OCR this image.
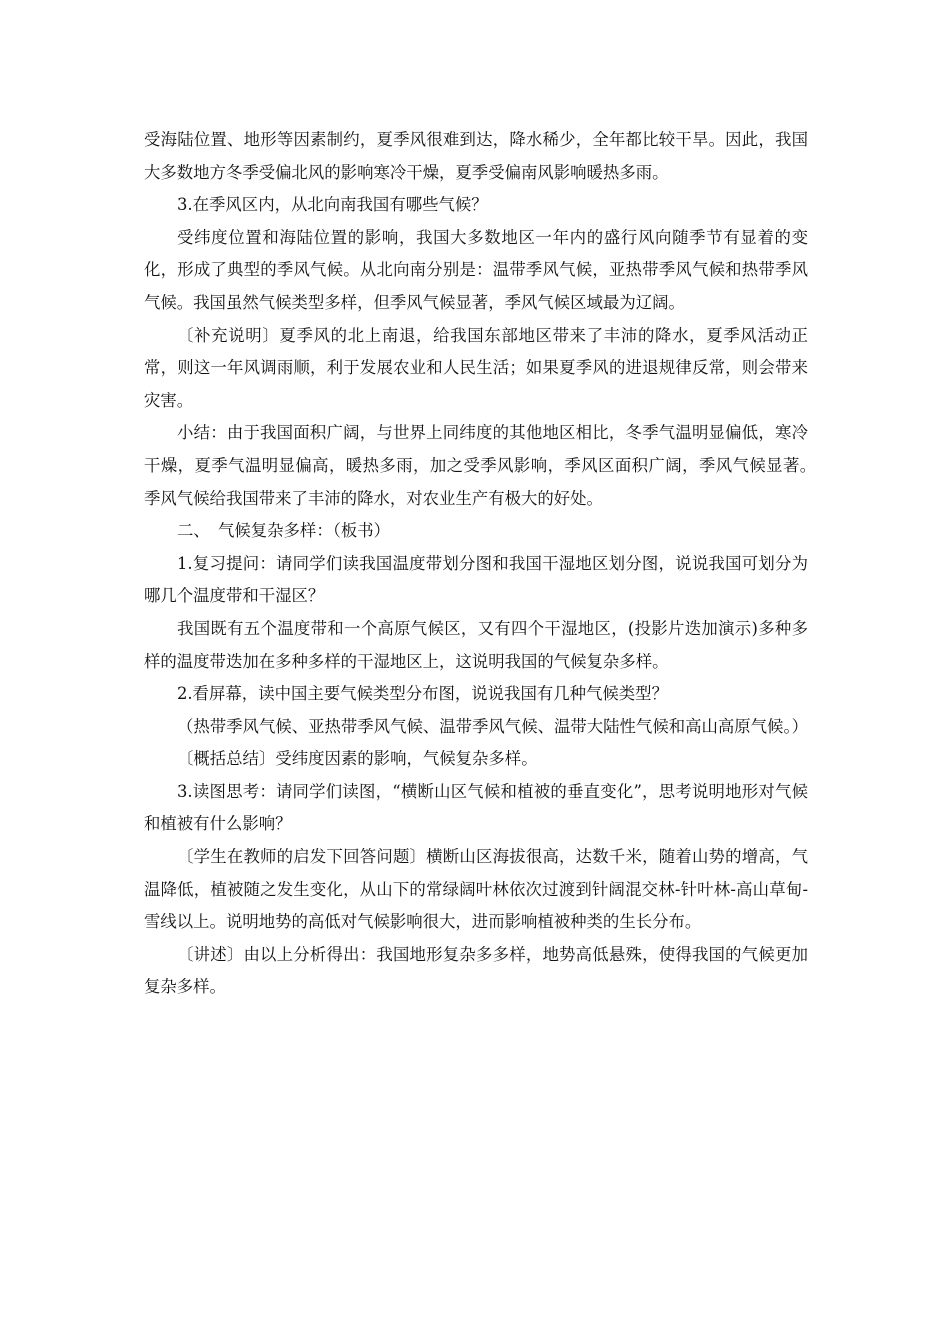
受海陆位置、地形等因素制约，夏季风很难到达，降水稀少，全年都比较干旱。因此，我国大多数地方冬季受偏北风的影响寒冷干燥，夏季受偏南风影响暖热多雨。

3.在季风区内，从北向南我国有哪些气候？

受纬度位置和海陆位置的影响，我国大多数地区一年内的盛行风向随季节有显着的变化，形成了典型的季风气候。从北向南分别是：温带季风气候，亚热带季风气候和热带季风气候。我国虽然气候类型多样，但季风气候显著，季风气候区域最为辽阔。

〔补充说明〕夏季风的北上南退，给我国东部地区带来了丰沛的降水，夏季风活动正常，则这一年风调雨顺，利于发展农业和人民生活；如果夏季风的进退规律反常，则会带来灾害。

小结：由于我国面积广阔，与世界上同纬度的其他地区相比，冬季气温明显偏低，寒冷干燥，夏季气温明显偏高，暖热多雨，加之受季风影响，季风区面积广阔，季风气候显著。　季风气候给我国带来了丰沛的降水，对农业生产有极大的好处。

二、　气候复杂多样：（板书）

1.复习提问：请同学们读我国温度带划分图和我国干湿地区划分图，说说我国可划分为哪几个温度带和干湿区？

我国既有五个温度带和一个高原气候区，又有四个干湿地区，(投影片迭加演示)多种多样的温度带迭加在多种多样的干湿地区上，这说明我国的气候复杂多样。

2.看屏幕，读中国主要气候类型分布图，说说我国有几种气候类型？

（热带季风气候、亚热带季风气候、温带季风气候、温带大陆性气候和高山高原气候。）

〔概括总结〕受纬度因素的影响，气候复杂多样。

3.读图思考：请同学们读图，“横断山区气候和植被的垂直变化”，思考说明地形对气候和植被有什么影响？

〔学生在教师的启发下回答问题〕横断山区海拔很高，达数千米，随着山势的增高，气温降低，植被随之发生变化，从山下的常绿阔叶林依次过渡到针阔混交林-针叶林-高山草甸-雪线以上。说明地势的高低对气候影响很大，进而影响植被种类的生长分布。

〔讲述〕由以上分析得出：我国地形复杂多多样，地势高低悬殊，使得我国的气候更加复杂多样。
